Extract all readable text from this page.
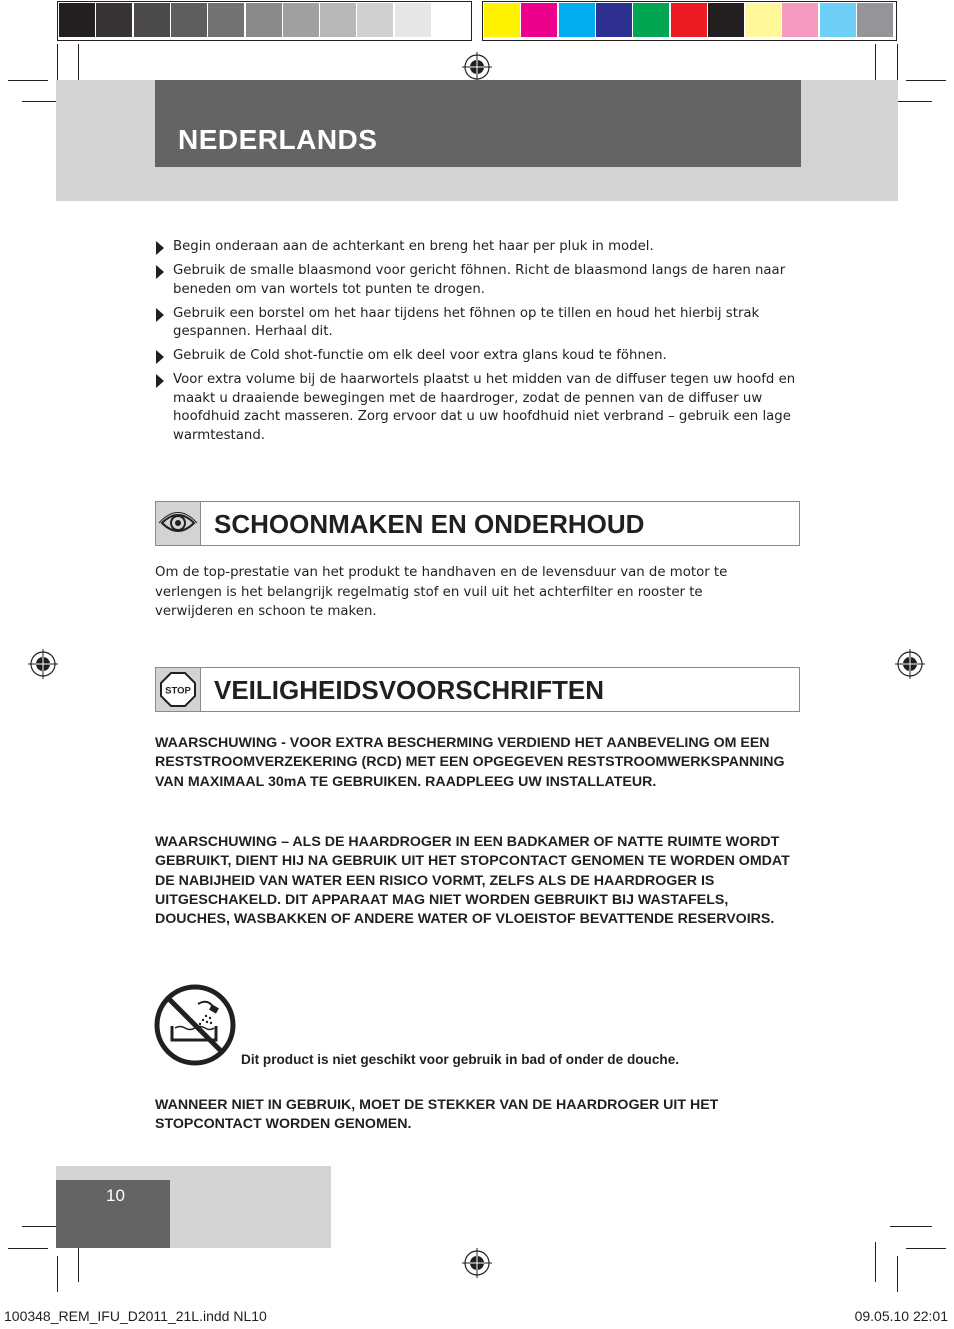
NEDERLANDS
Begin onderaan aan de achterkant en breng het haar per pluk in model.
Gebruik de smalle blaasmond voor gericht föhnen. Richt de blaasmond langs de haren naar beneden om van wortels tot punten te drogen.
Gebruik een borstel om het haar tijdens het föhnen op te tillen en houd het hierbij strak gespannen. Herhaal dit.
Gebruik de Cold shot-functie om elk deel voor extra glans koud te föhnen.
Voor extra volume bij de haarwortels plaatst u het midden van de diffuser tegen uw hoofd en maakt u draaiende bewegingen met de haardroger, zodat de pennen van de diffuser uw hoofdhuid zacht masseren. Zorg ervoor dat u uw hoofdhuid niet verbrand – gebruik een lage warmtestand.
SCHOONMAKEN EN ONDERHOUD
Om de top-prestatie van het produkt te handhaven en de levensduur van de motor te verlengen is het belangrijk regelmatig stof en vuil uit het achterfilter en rooster te verwijderen en schoon te maken.
STOP VEILIGHEIDSVOORSCHRIFTEN
WAARSCHUWING - VOOR EXTRA BESCHERMING VERDIEND HET AANBEVELING OM EEN RESTSTROOMVERZEKERING (RCD) MET EEN OPGEGEVEN RESTSTROOMWERKSPANNING VAN MAXIMAAL 30mA TE GEBRUIKEN. RAADPLEEG UW INSTALLATEUR.
WAARSCHUWING – ALS DE HAARDROGER IN EEN BADKAMER OF NATTE RUIMTE WORDT GEBRUIKT, DIENT HIJ NA GEBRUIK UIT HET STOPCONTACT GENOMEN TE WORDEN OMDAT DE NABIJHEID VAN WATER EEN RISICO VORMT, ZELFS ALS DE HAARDROGER IS UITGESCHAKELD. DIT APPARAAT MAG NIET WORDEN GEBRUIKT BIJ WASTAFELS, DOUCHES, WASBAKKEN OF ANDERE WATER OF VLOEISTOF BEVATTENDE RESERVOIRS.
Dit product is niet geschikt voor gebruik in bad of onder de douche.
WANNEER NIET IN GEBRUIK, MOET DE STEKKER VAN DE HAARDROGER UIT HET STOPCONTACT WORDEN GENOMEN.
10
100348_REM_IFU_D2011_21L.indd NL10	09.05.10 22:01
